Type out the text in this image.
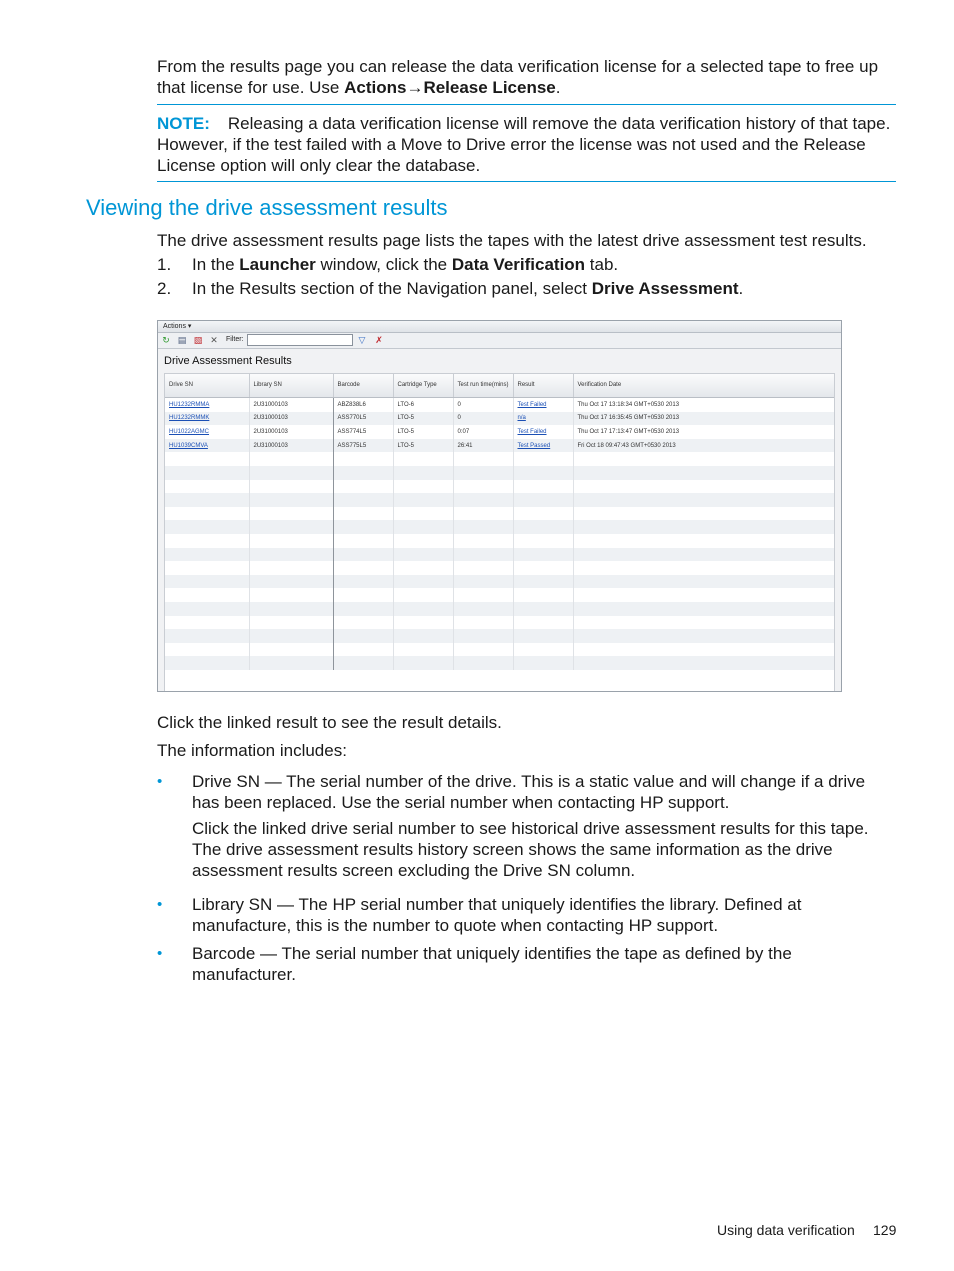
From the results page you can release the data verification license for a selected tape to free up that license for use. Use Actions→Release License.
NOTE: Releasing a data verification license will remove the data verification history of that tape. However, if the test failed with a Move to Drive error the license was not used and the Release License option will only clear the database.
Viewing the drive assessment results
The drive assessment results page lists the tapes with the latest drive assessment test results.
1. In the Launcher window, click the Data Verification tab.
2. In the Results section of the Navigation panel, select Drive Assessment.
Actions ▾
↻ ▤ ▧ ✕ Filter:	▽ ✗
Drive Assessment Results
Drive SN	Library SN	Barcode	Cartridge Type	Test run time(mins)	Result	Verification Date
HU1232RMMA	2U31000103	ABZ838L6	LTO-6	0	Test Failed	Thu Oct 17 13:18:34 GMT+0530 2013
HU1232RMMK	2U31000103	ASS770L5	LTO-5	0	n/a	Thu Oct 17 16:35:45 GMT+0530 2013
HU1022AGMC	2U31000103	ASS774L5	LTO-5	0:07	Test Failed	Thu Oct 17 17:13:47 GMT+0530 2013
HU1039CMVA	2U31000103	ASS775L5	LTO-5	26:41	Test Passed	Fri Oct 18 09:47:43 GMT+0530 2013

Click the linked result to see the result details.
The information includes:
• Drive SN — The serial number of the drive. This is a static value and will change if a drive has been replaced. Use the serial number when contacting HP support.
Click the linked drive serial number to see historical drive assessment results for this tape. The drive assessment results history screen shows the same information as the drive assessment results screen excluding the Drive SN column.
• Library SN — The HP serial number that uniquely identifies the library. Defined at manufacture, this is the number to quote when contacting HP support.
• Barcode — The serial number that uniquely identifies the tape as defined by the manufacturer.
Using data verification 129
